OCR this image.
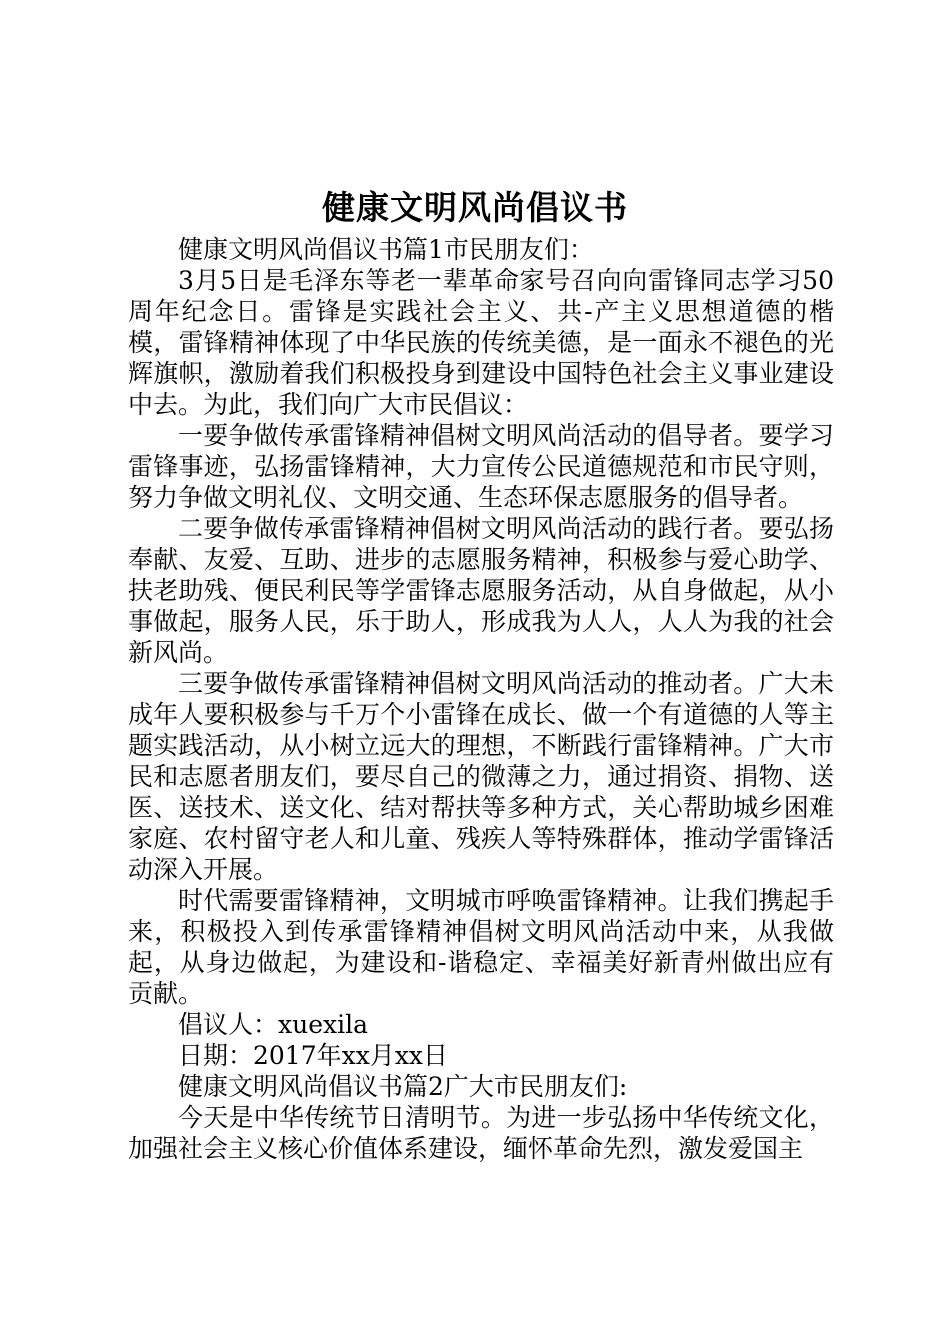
健康文明风尚倡议书

健康文明风尚倡议书篇1市民朋友们：

3月5日是毛泽东等老一辈革命家号召向向雷锋同志学习50周年纪念日。雷锋是实践社会主义、共-产主义思想道德的楷模，雷锋精神体现了中华民族的传统美德，是一面永不褪色的光辉旗帜，激励着我们积极投身到建设中国特色社会主义事业建设中去。为此，我们向广大市民倡议：

一要争做传承雷锋精神倡树文明风尚活动的倡导者。要学习雷锋事迹，弘扬雷锋精神，大力宣传公民道德规范和市民守则，努力争做文明礼仪、文明交通、生态环保志愿服务的倡导者。

二要争做传承雷锋精神倡树文明风尚活动的践行者。要弘扬奉献、友爱、互助、进步的志愿服务精神，积极参与爱心助学、扶老助残、便民利民等学雷锋志愿服务活动，从自身做起，从小事做起，服务人民，乐于助人，形成我为人人，人人为我的社会新风尚。

三要争做传承雷锋精神倡树文明风尚活动的推动者。广大未成年人要积极参与千万个小雷锋在成长、做一个有道德的人等主题实践活动，从小树立远大的理想，不断践行雷锋精神。广大市民和志愿者朋友们，要尽自己的微薄之力，通过捐资、捐物、送医、送技术、送文化、结对帮扶等多种方式，关心帮助城乡困难家庭、农村留守老人和儿童、残疾人等特殊群体，推动学雷锋活动深入开展。

时代需要雷锋精神，文明城市呼唤雷锋精神。让我们携起手来，积极投入到传承雷锋精神倡树文明风尚活动中来，从我做起，从身边做起，为建设和-谐稳定、幸福美好新青州做出应有贡献。

倡议人：xuexila

日期：2017年xx月xx日

健康文明风尚倡议书篇2广大市民朋友们:

今天是中华传统节日清明节。为进一步弘扬中华传统文化，加强社会主义核心价值体系建设，缅怀革命先烈，激发爱国主
